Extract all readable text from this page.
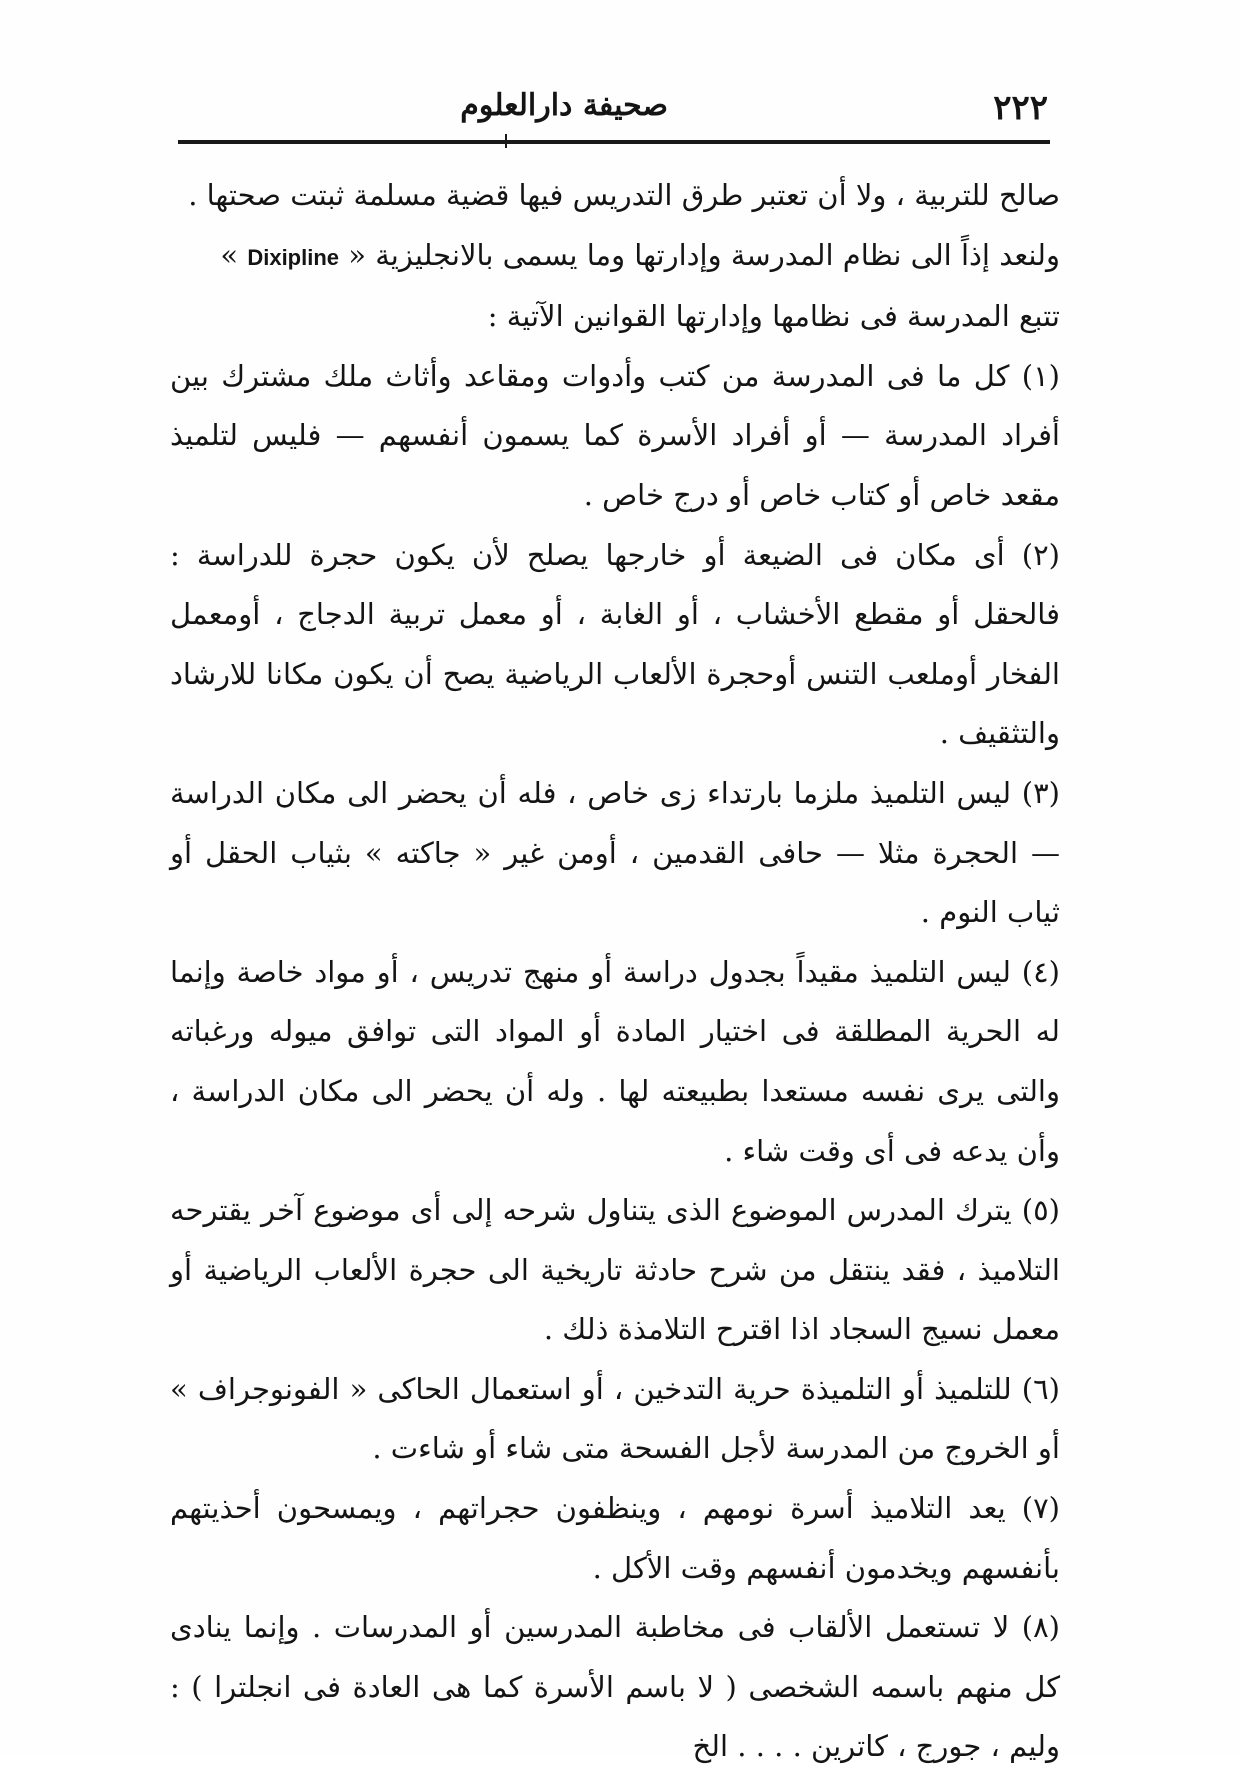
٢٢٢
صحيفة دارالعلوم

صالح للتربية ، ولا أن تعتبر طرق التدريس فيها قضية مسلمة ثبتت صحتها .

ولنعد إذاً الى نظام المدرسة وإدارتها وما يسمى بالانجليزية « Dixipline »

تتبع المدرسة فى نظامها وإدارتها القوانين الآتية :

(١) كل ما فى المدرسة من كتب وأدوات ومقاعد وأثاث ملك مشترك بين أفراد المدرسة — أو أفراد الأسرة كما يسمون أنفسهم — فليس لتلميذ مقعد خاص أو كتاب خاص أو درج خاص .

(٢) أى مكان فى الضيعة أو خارجها يصلح لأن يكون حجرة للدراسة : فالحقل أو مقطع الأخشاب ، أو الغابة ، أو معمل تربية الدجاج ، أومعمل الفخار أوملعب التنس أوحجرة الألعاب الرياضية يصح أن يكون مكانا للارشاد والتثقيف .

(٣) ليس التلميذ ملزما بارتداء زى خاص ، فله أن يحضر الى مكان الدراسة — الحجرة مثلا — حافى القدمين ، أومن غير « جاكته » بثياب الحقل أو ثياب النوم .

(٤) ليس التلميذ مقيداً بجدول دراسة أو منهج تدريس ، أو مواد خاصة وإنما له الحرية المطلقة فى اختيار المادة أو المواد التى توافق ميوله ورغباته والتى يرى نفسه مستعدا بطبيعته لها . وله أن يحضر الى مكان الدراسة ، وأن يدعه فى أى وقت شاء .

(٥) يترك المدرس الموضوع الذى يتناول شرحه إلى أى موضوع آخر يقترحه التلاميذ ، فقد ينتقل من شرح حادثة تاريخية الى حجرة الألعاب الرياضية أو معمل نسيج السجاد اذا اقترح التلامذة ذلك .

(٦) للتلميذ أو التلميذة حرية التدخين ، أو استعمال الحاكى « الفونوجراف » أو الخروج من المدرسة لأجل الفسحة متى شاء أو شاءت .

(٧) يعد التلاميذ أسرة نومهم ، وينظفون حجراتهم ، ويمسحون أحذيتهم بأنفسهم ويخدمون أنفسهم وقت الأكل .

(٨) لا تستعمل الألقاب فى مخاطبة المدرسين أو المدرسات . وإنما ينادى كل منهم باسمه الشخصى ( لا باسم الأسرة كما هى العادة فى انجلترا ) : وليم ، جورج ، كاترين . . . . الخ
